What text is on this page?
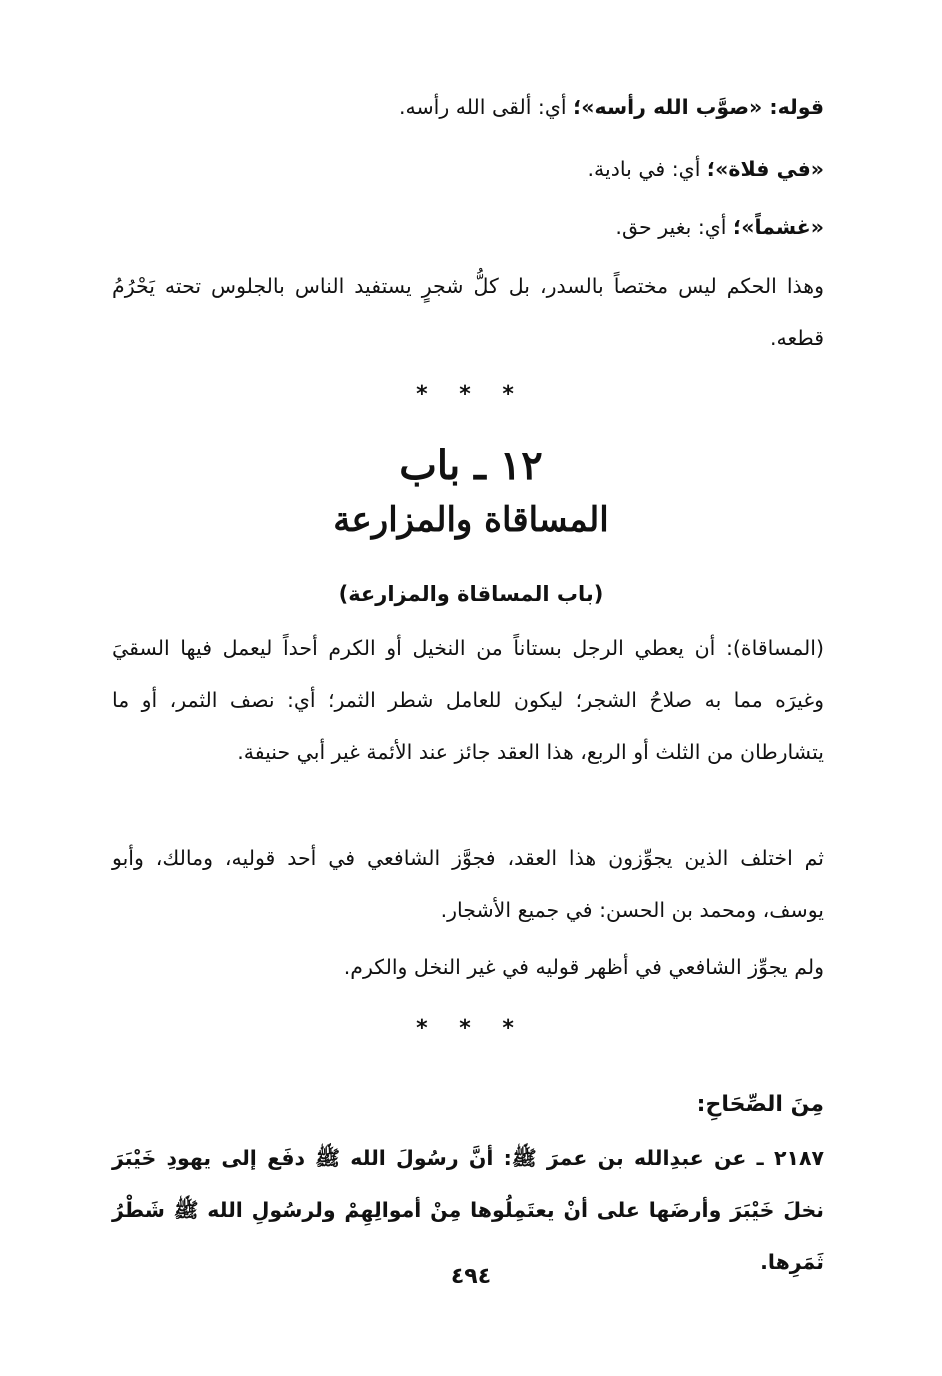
قوله: «صوَّب الله رأسه»؛ أي: ألقى الله رأسه.
«في فلاة»؛ أي: في بادية.
«غشماً»؛ أي: بغير حق.
وهذا الحكم ليس مختصاً بالسدر، بل كلُّ شجرٍ يستفيد الناس بالجلوس تحته يَحْرُمُ قطعه.
* * *
١٢ ـ باب
المساقاة والمزارعة
(باب المساقاة والمزارعة)
(المساقاة): أن يعطي الرجل بستاناً من النخيل أو الكرم أحداً ليعمل فيها السقيَ وغيرَه مما به صلاحُ الشجر؛ ليكون للعامل شطر الثمر؛ أي: نصف الثمر، أو ما يتشارطان من الثلث أو الربع، هذا العقد جائز عند الأئمة غير أبي حنيفة.
ثم اختلف الذين يجوِّزون هذا العقد، فجوَّز الشافعي في أحد قوليه، ومالك، وأبو يوسف، ومحمد بن الحسن: في جميع الأشجار.
ولم يجوِّز الشافعي في أظهر قوليه في غير النخل والكرم.
* * *
مِنَ الصِّحَاحِ:
٢١٨٧ ـ عن عبدِالله بن عمرَ ﷺ: أنَّ رسُولَ الله ﷺ دفَع إلى يهودِ خَيْبَرَ نخلَ خَيْبَرَ وأرضَها على أنْ يعتَمِلُوها مِنْ أموالِهِمْ ولرسُولِ الله ﷺ شَطْرُ ثَمَرِها.
٤٩٤
